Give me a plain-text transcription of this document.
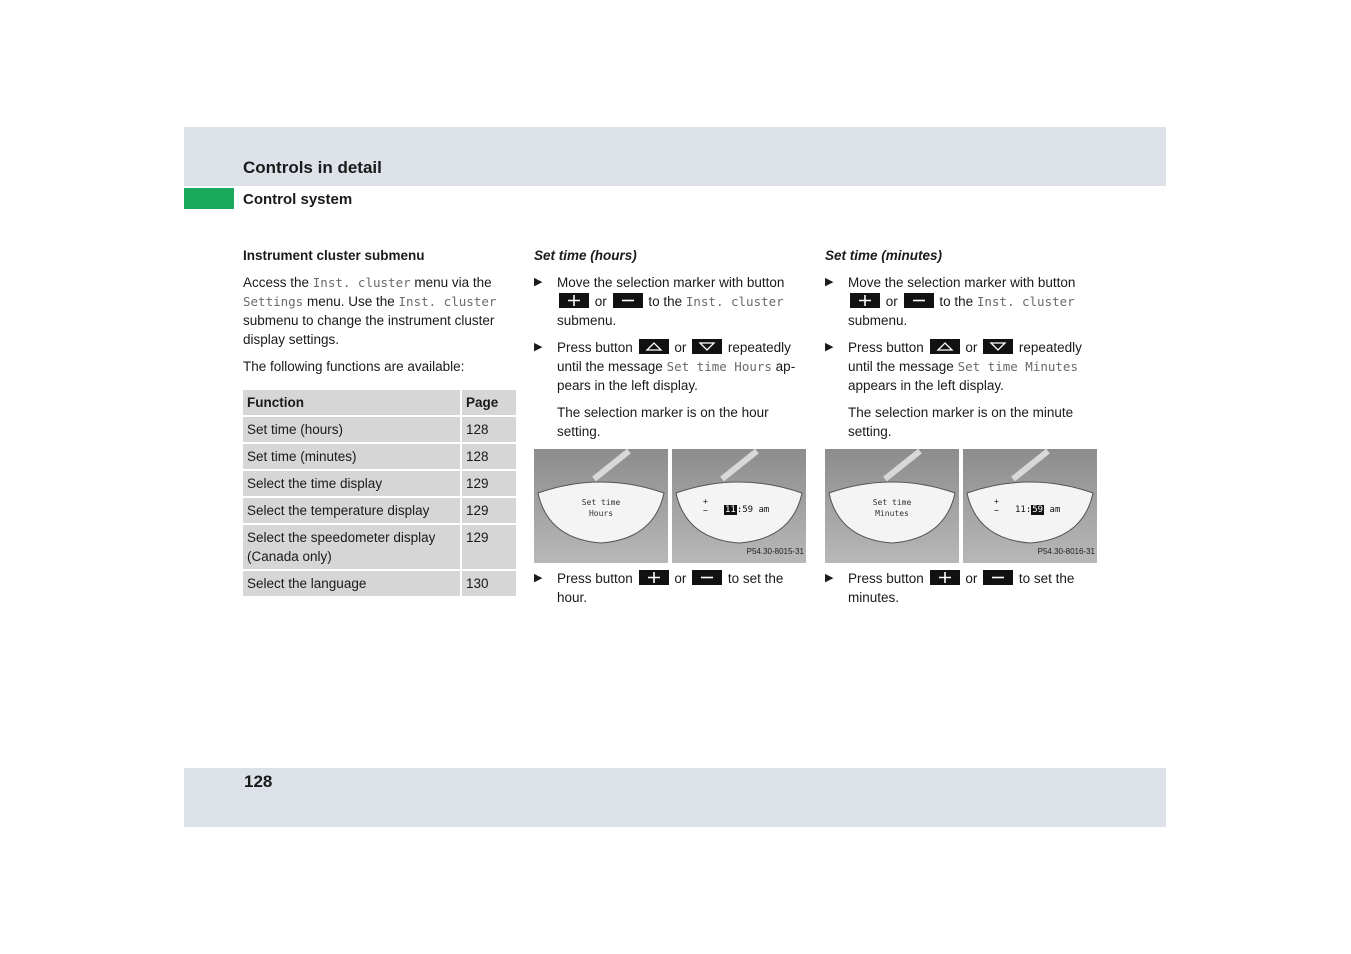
Controls in detail
Control system
Instrument cluster submenu

Access the Inst. cluster menu via the Settings menu. Use the Inst. cluster submenu to change the instrument cluster display settings.

The following functions are available:

Function	Page
Set time (hours)	128
Set time (minutes)	128
Select the time display	129
Select the temperature display	129
Select the speedometer display (Canada only)	129
Select the language	130
Set time (hours)
▶ Move the selection marker with button
or	to the Inst. cluster submenu.
▶ Press button	or	repeatedly until the message Set time Hours ap-pears in the left display.
The selection marker is on the hour setting.
Set time
Hours
+
− 11:59 am
P54.30-8015-31
▶ Press button	or	to set the hour.
Set time (minutes)
▶ Move the selection marker with button
or	to the Inst. cluster submenu.
▶ Press button	or	repeatedly until the message Set time Minutes appears in the left display.
The selection marker is on the minute setting.
Set time
Minutes
+
− 11:59 am
P54.30-8016-31
▶ Press button	or	to set the minutes.
128
